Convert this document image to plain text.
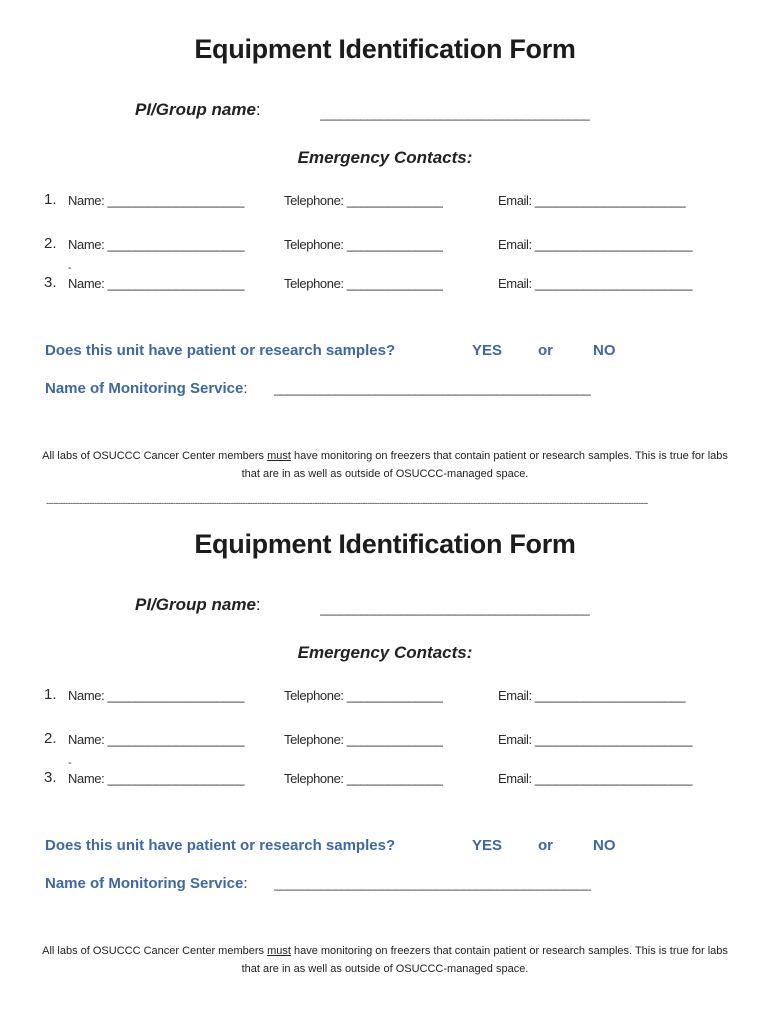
Equipment Identification Form
PI/Group name:	________________________________________
Emergency Contacts:
1. Name: ____________________	Telephone: ______________	Email: ______________________
2. Name: ____________________	Telephone: ______________	Email: _______________________
-
3. Name: ____________________	Telephone: ______________	Email: _______________________
Does this unit have patient or research samples?	YES or	NO
Name of Monitoring Service: _______________________________________________
All labs of OSUCCC Cancer Center members must have monitoring on freezers that contain patient or research samples. This is true for labs that are in as well as outside of OSUCCC-managed space.
-----------------------------------------------------------------------------------------------------------------------------------------------------------------------------------------------------------------------------------------------------------
Equipment Identification Form
PI/Group name:	________________________________________
Emergency Contacts:
1. Name: ____________________	Telephone: ______________	Email: ______________________
2. Name: ____________________	Telephone: ______________	Email: _______________________
-
3. Name: ____________________	Telephone: ______________	Email: _______________________
Does this unit have patient or research samples?	YES or	NO
Name of Monitoring Service: _______________________________________________
All labs of OSUCCC Cancer Center members must have monitoring on freezers that contain patient or research samples. This is true for labs that are in as well as outside of OSUCCC-managed space.
